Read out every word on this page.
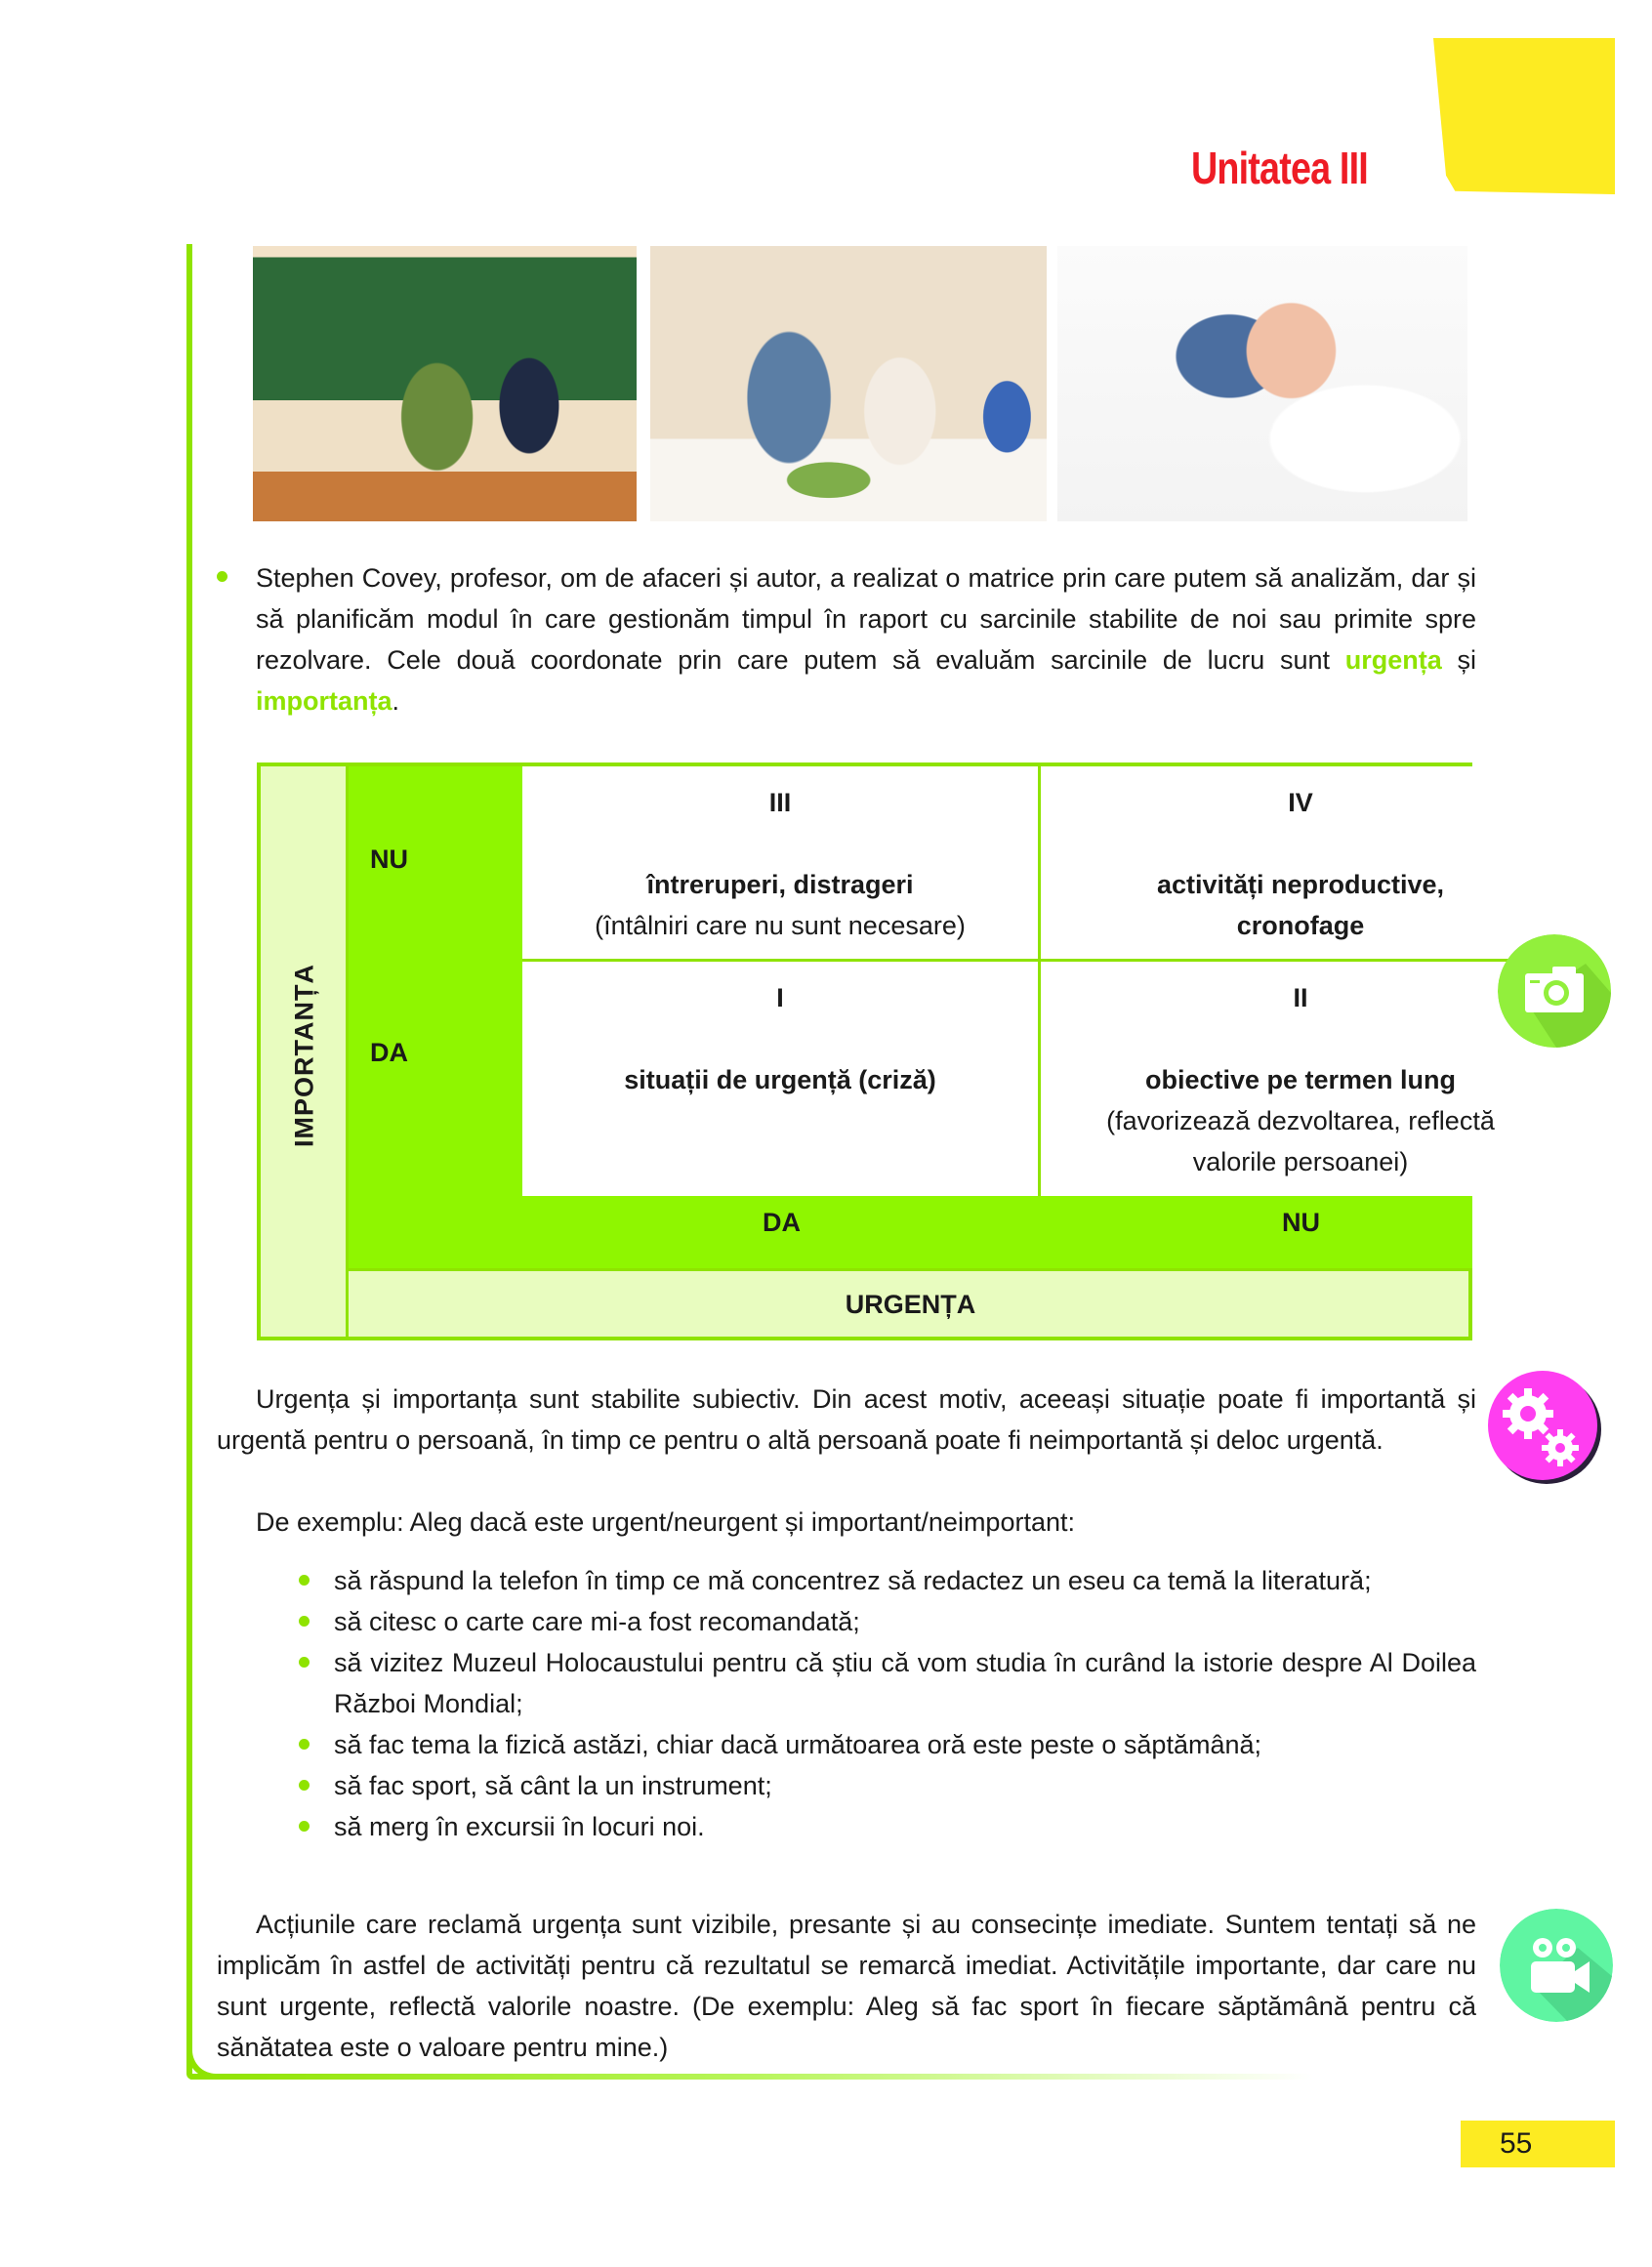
Unitatea III
Stephen Covey, profesor, om de afaceri și autor, a realizat o matrice prin care putem să analizăm, dar și să planificăm modul în care gestionăm timpul în raport cu sarcinile stabilite de noi sau primite spre rezolvare. Cele două coordonate prin care putem să evaluăm sarcinile de lucru sunt urgența și importanța.
IMPORTANȚA
NU
DA
III
întreruperi, distrageri
(întâlniri care nu sunt necesare)
IV
activități neproductive, cronofage
I
situații de urgență (criză)
II
obiective pe termen lung
(favorizează dezvoltarea, reflectă valorile persoanei)
DA	NU
URGENȚA
Urgența și importanța sunt stabilite subiectiv. Din acest motiv, aceeași situație poate fi importantă și urgentă pentru o persoană, în timp ce pentru o altă persoană poate fi neimportantă și deloc urgentă.
De exemplu: Aleg dacă este urgent/neurgent și important/neimportant:
să răspund la telefon în timp ce mă concentrez să redactez un eseu ca temă la literatură;
să citesc o carte care mi-a fost recomandată;
să vizitez Muzeul Holocaustului pentru că știu că vom studia în curând la istorie despre Al Doilea Război Mondial;
să fac tema la fizică astăzi, chiar dacă următoarea oră este peste o săptămână;
să fac sport, să cânt la un instrument;
să merg în excursii în locuri noi.
Acțiunile care reclamă urgența sunt vizibile, presante și au consecințe imediate. Suntem tentați să ne implicăm în astfel de activități pentru că rezultatul se remarcă imediat. Activitățile importante, dar care nu sunt urgente, reflectă valorile noastre. (De exemplu: Aleg să fac sport în fiecare săptămână pentru că sănătatea este o valoare pentru mine.)
55
